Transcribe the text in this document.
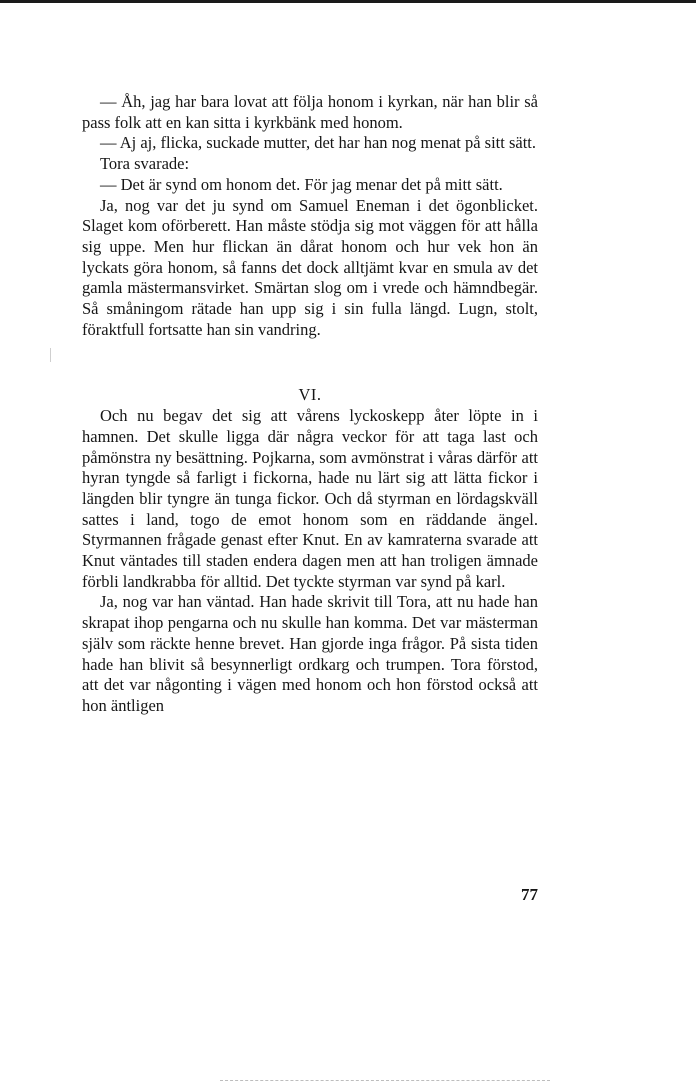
— Åh, jag har bara lovat att följa honom i kyrkan, när han blir så pass folk att en kan sitta i kyrkbänk med honom.

— Aj aj, flicka, suckade mutter, det har han nog menat på sitt sätt.

Tora svarade:

— Det är synd om honom det. För jag menar det på mitt sätt.

Ja, nog var det ju synd om Samuel Eneman i det ögonblicket. Slaget kom oförberett. Han måste stödja sig mot väggen för att hålla sig uppe. Men hur flickan än dårat honom och hur vek hon än lyckats göra honom, så fanns det dock alltjämt kvar en smula av det gamla mästermansvirket. Smärtan slog om i vrede och hämndbegär. Så småningom rätade han upp sig i sin fulla längd. Lugn, stolt, föraktfull fortsatte han sin vandring.

VI.

Och nu begav det sig att vårens lyckoskepp åter löpte in i hamnen. Det skulle ligga där några veckor för att taga last och påmönstra ny besättning. Pojkarna, som avmönstrat i våras därför att hyran tyngde så farligt i fickorna, hade nu lärt sig att lätta fickor i längden blir tyngre än tunga fickor. Och då styrman en lördagskväll sattes i land, togo de emot honom som en räddande ängel. Styrmannen frågade genast efter Knut. En av kamraterna svarade att Knut väntades till staden endera dagen men att han troligen ämnade förbli landkrabba för alltid. Det tyckte styrman var synd på karl.

Ja, nog var han väntad. Han hade skrivit till Tora, att nu hade han skrapat ihop pengarna och nu skulle han komma. Det var mästerman själv som räckte henne brevet. Han gjorde inga frågor. På sista tiden hade han blivit så besynnerligt ordkarg och trumpen. Tora förstod, att det var någonting i vägen med honom och hon förstod också att hon äntligen

77
